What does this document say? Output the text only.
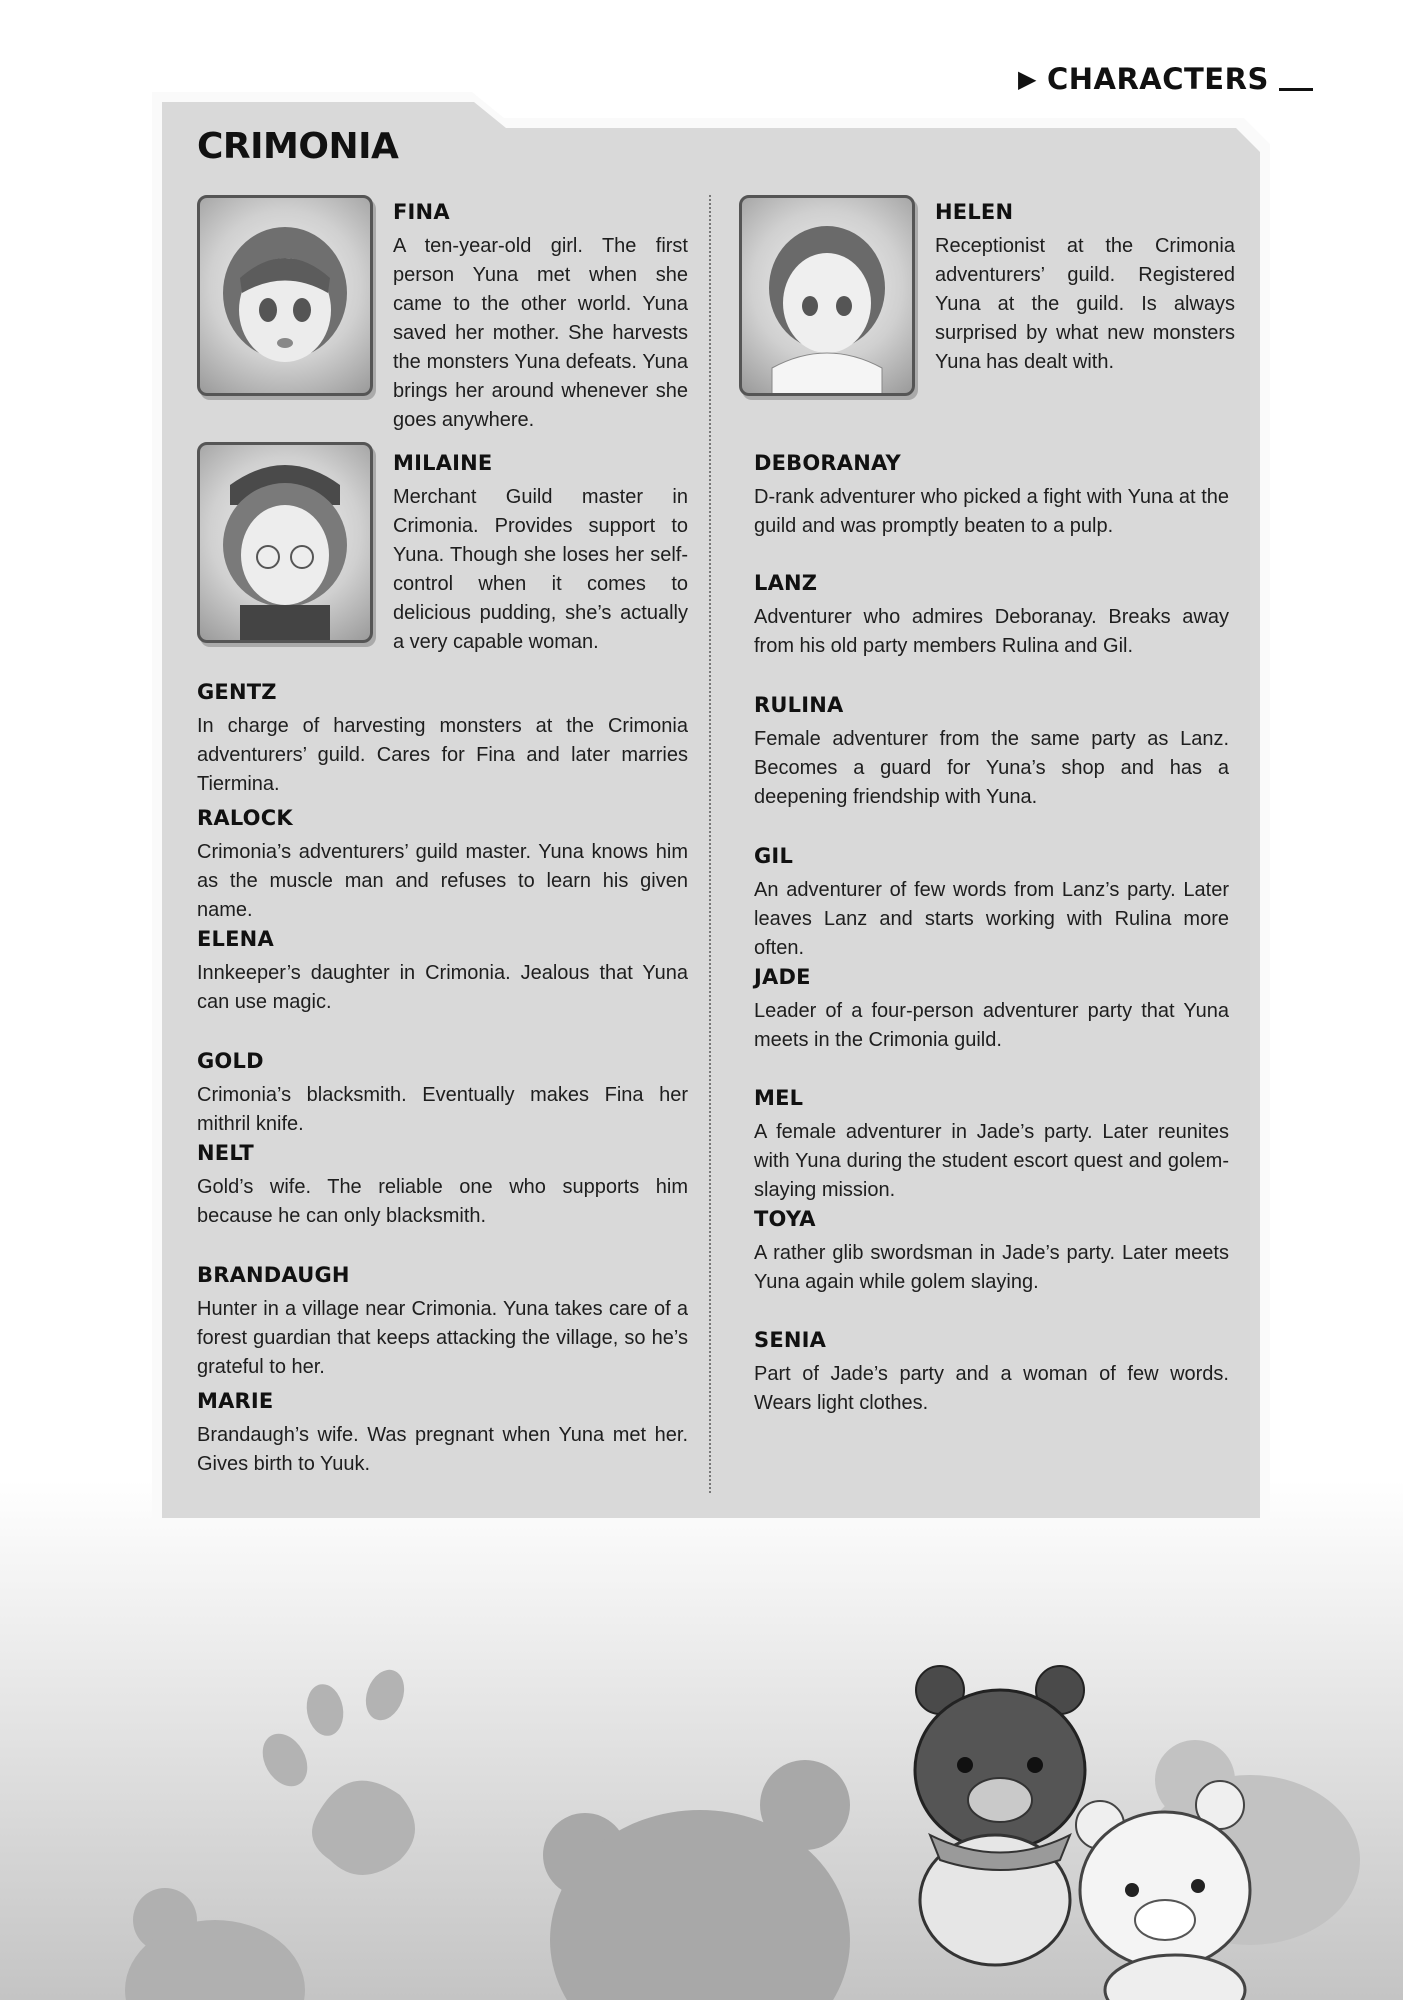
▶ CHARACTERS
CRIMONIA
FINA

A ten-year-old girl. The first person Yuna met when she came to the other world. Yuna saved her mother. She harvests the monsters Yuna defeats. Yuna brings her around whenever she goes anywhere.

MILAINE

Merchant Guild master in Crimonia. Provides support to Yuna. Though she loses her self-control when it comes to delicious pudding, she’s actually a very capable woman.

GENTZ

In charge of harvesting monsters at the Crimonia adventurers’ guild. Cares for Fina and later marries Tiermina.

RALOCK

Crimonia’s adventurers’ guild master. Yuna knows him as the muscle man and refuses to learn his given name.

ELENA

Innkeeper’s daughter in Crimonia. Jealous that Yuna can use magic.

GOLD

Crimonia’s blacksmith. Eventually makes Fina her mithril knife.

NELT

Gold’s wife. The reliable one who supports him because he can only blacksmith.

BRANDAUGH

Hunter in a village near Crimonia. Yuna takes care of a forest guardian that keeps attacking the village, so he’s grateful to her.

MARIE

Brandaugh’s wife. Was pregnant when Yuna met her. Gives birth to Yuuk.

HELEN

Receptionist at the Crimonia adventurers’ guild. Registered Yuna at the guild. Is always surprised by what new monsters Yuna has dealt with.

DEBORANAY

D-rank adventurer who picked a fight with Yuna at the guild and was promptly beaten to a pulp.

LANZ

Adventurer who admires Deboranay. Breaks away from his old party members Rulina and Gil.

RULINA

Female adventurer from the same party as Lanz. Becomes a guard for Yuna’s shop and has a deepening friendship with Yuna.

GIL

An adventurer of few words from Lanz’s party. Later leaves Lanz and starts working with Rulina more often.

JADE

Leader of a four-person adventurer party that Yuna meets in the Crimonia guild.

MEL

A female adventurer in Jade’s party. Later reunites with Yuna during the student escort quest and golem-slaying mission.

TOYA

A rather glib swordsman in Jade’s party. Later meets Yuna again while golem slaying.

SENIA

Part of Jade’s party and a woman of few words. Wears light clothes.
